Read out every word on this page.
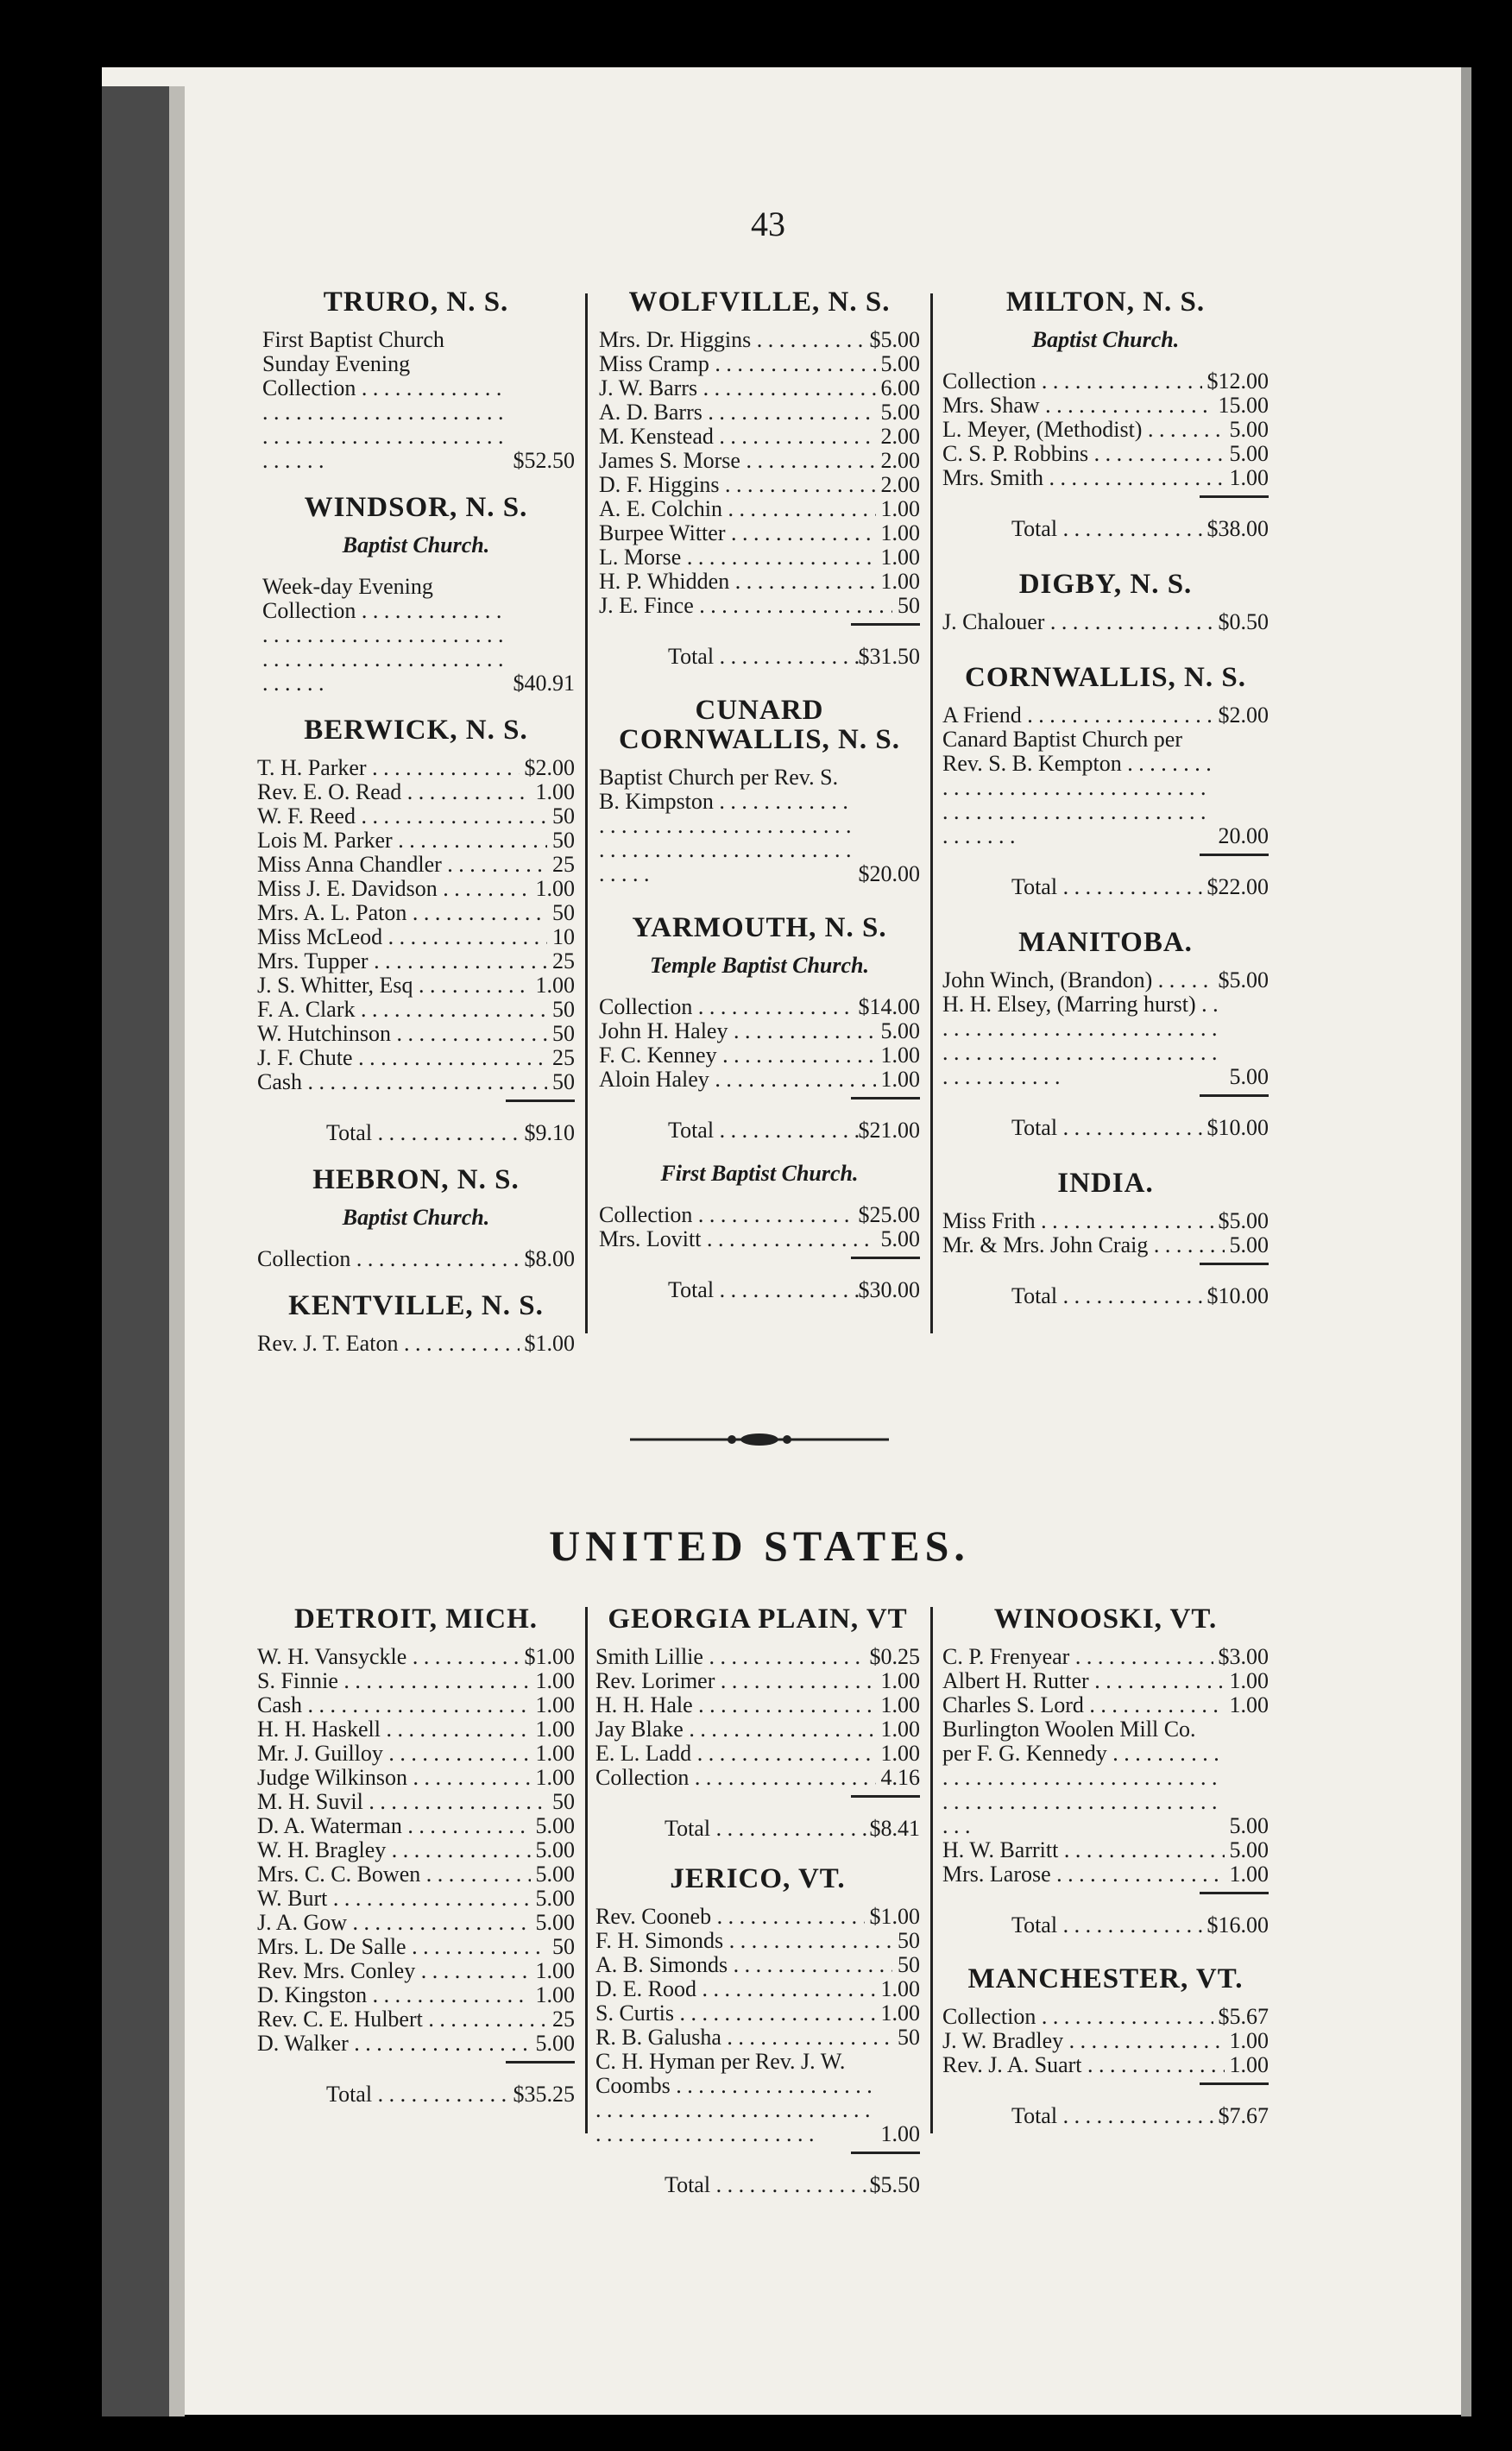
43
TRURO, N. S.
First Baptist Church Sunday Evening Collection . . .
$52.50
WINDSOR, N. S.
Baptist Church.
Week-day Evening Collection . . .
$40.91
BERWICK, N. S.
T. H. Parker . . .	$2.00
Rev. E. O. Read . . .	1.00
W. F. Reed . . .	50
Lois M. Parker . . .	50
Miss Anna Chandler . . .	25
Miss J. E. Davidson . . .	1.00
Mrs. A. L. Paton . . .	50
Miss McLeod . . .	10
Mrs. Tupper . . .	25
J. S. Whitter, Esq . . .	1.00
F. A. Clark . . .	50
W. Hutchinson . . .	50
J. F. Chute . . .	25
Cash . . .	50
Total . . .	$9.10
HEBRON, N. S.
Baptist Church.
Collection . . .	$8.00
KENTVILLE, N. S.
Rev. J. T. Eaton . . .	$1.00
WOLFVILLE, N. S.
Mrs. Dr. Higgins . . .	$5.00
Miss Cramp . . .	5.00
J. W. Barrs . . .	6.00
A. D. Barrs . . .	5.00
M. Kenstead . . .	2.00
James S. Morse . . .	2.00
D. F. Higgins . . .	2.00
A. E. Colchin . . .	1.00
Burpee Witter . . .	1.00
L. Morse . . .	1.00
H. P. Whidden . . .	1.00
J. E. Fince . . .	50
Total . . .	$31.50
CUNARD
CORNWALLIS, N. S.
Baptist Church per Rev. S. B. Kimpston . . .
$20.00
YARMOUTH, N. S.
Temple Baptist Church.
Collection . . .	$14.00
John H. Haley . . .	5.00
F. C. Kenney . . .	1.00
Aloin Haley . . .	1.00
Total . . .	$21.00
First Baptist Church.
Collection . . .	$25.00
Mrs. Lovitt . . .	5.00
Total . . .	$30.00
MILTON, N. S.
Baptist Church.
Collection . . .	$12.00
Mrs. Shaw . . .	15.00
L. Meyer, (Methodist) . . .	5.00
C. S. P. Robbins . . .	5.00
Mrs. Smith . . .	1.00
Total . . .	$38.00
DIGBY, N. S.
J. Chalouer . . .	$0.50
CORNWALLIS, N. S.
A Friend . . .	$2.00
Canard Baptist Church per Rev. S. B. Kempton . . .
20.00
Total . . .	$22.00
MANITOBA.
John Winch, (Brandon) . . .	$5.00
H. H. Elsey, (Marring hurst) . . .
5.00
Total . . .	$10.00
INDIA.
Miss Frith . . .	$5.00
Mr. & Mrs. John Craig . . .	5.00
Total . . .	$10.00
UNITED STATES.
DETROIT, MICH.
W. H. Vansyckle . . .	$1.00
S. Finnie . . .	1.00
Cash . . .	1.00
H. H. Haskell . . .	1.00
Mr. J. Guilloy . . .	1.00
Judge Wilkinson . . .	1.00
M. H. Suvil . . .	50
D. A. Waterman . . .	5.00
W. H. Bragley . . .	5.00
Mrs. C. C. Bowen . . .	5.00
W. Burt . . .	5.00
J. A. Gow . . .	5.00
Mrs. L. De Salle . . .	50
Rev. Mrs. Conley . . .	1.00
D. Kingston . . .	1.00
Rev. C. E. Hulbert . . .	25
D. Walker . . .	5.00
Total . . .	$35.25
GEORGIA PLAIN, VT
Smith Lillie . . .	$0.25
Rev. Lorimer . . .	1.00
H. H. Hale . . .	1.00
Jay Blake . . .	1.00
E. L. Ladd . . .	1.00
Collection . . .	4.16
Total . . .	$8.41
JERICO, VT.
Rev. Cooneb . . .	$1.00
F. H. Simonds . . .	50
A. B. Simonds . . .	50
D. E. Rood . . .	1.00
S. Curtis . . .	1.00
R. B. Galusha . . .	50
C. H. Hyman per Rev. J. W. Coombs . . .
1.00
Total . . .	$5.50
WINOOSKI, VT.
C. P. Frenyear . . .	$3.00
Albert H. Rutter . . .	1.00
Charles S. Lord . . .	1.00
Burlington Woolen Mill Co. per F. G. Kennedy . . .
5.00
H. W. Barritt . . .	5.00
Mrs. Larose . . .	1.00
Total . . .	$16.00
MANCHESTER, VT.
Collection . . .	$5.67
J. W. Bradley . . .	1.00
Rev. J. A. Suart . . .	1.00
Total . . .	$7.67
